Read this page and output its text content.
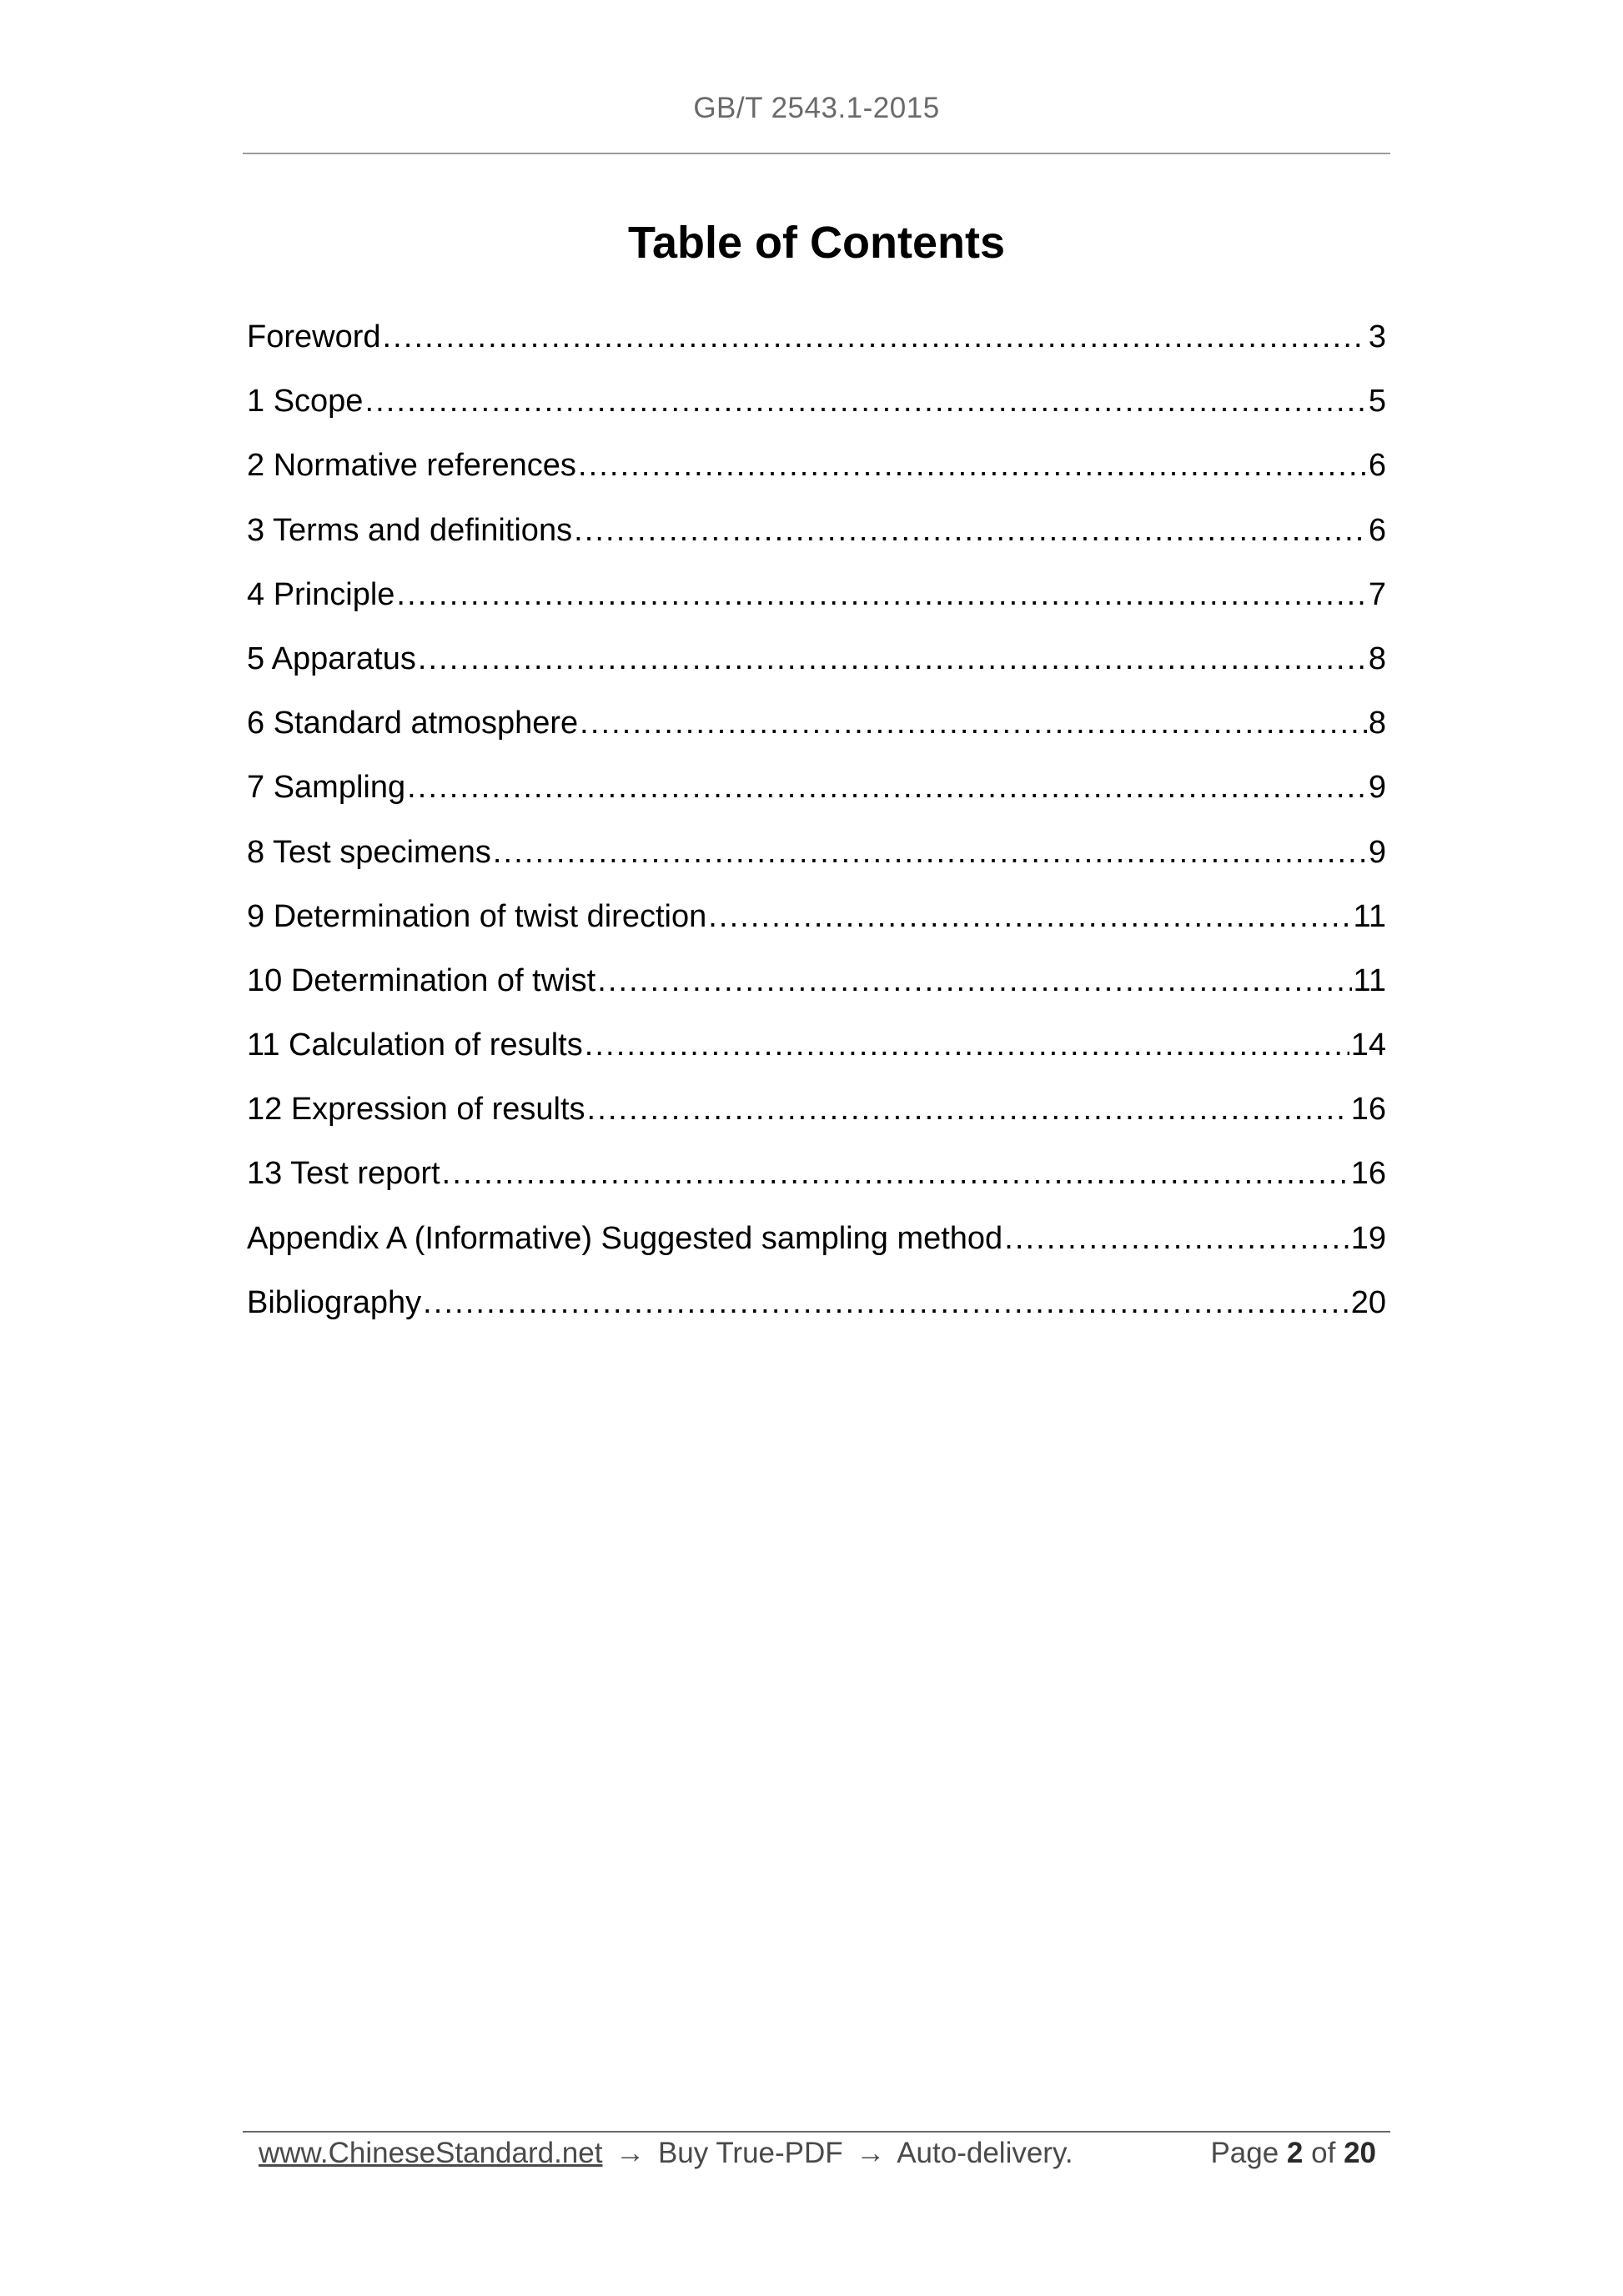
GB/T 2543.1-2015
Table of Contents
Foreword .....	3
1 Scope .....	5
2 Normative references .....	6
3 Terms and definitions .....	6
4 Principle .....	7
5 Apparatus .....	8
6 Standard atmosphere .....	8
7 Sampling .....	9
8 Test specimens .....	9
9 Determination of twist direction .....	11
10 Determination of twist .....	11
11 Calculation of results .....	14
12 Expression of results .....	16
13 Test report .....	16
Appendix A (Informative) Suggested sampling method .....	19
Bibliography .....	20
www.ChineseStandard.net → Buy True-PDF → Auto-delivery.	Page 2 of 20
